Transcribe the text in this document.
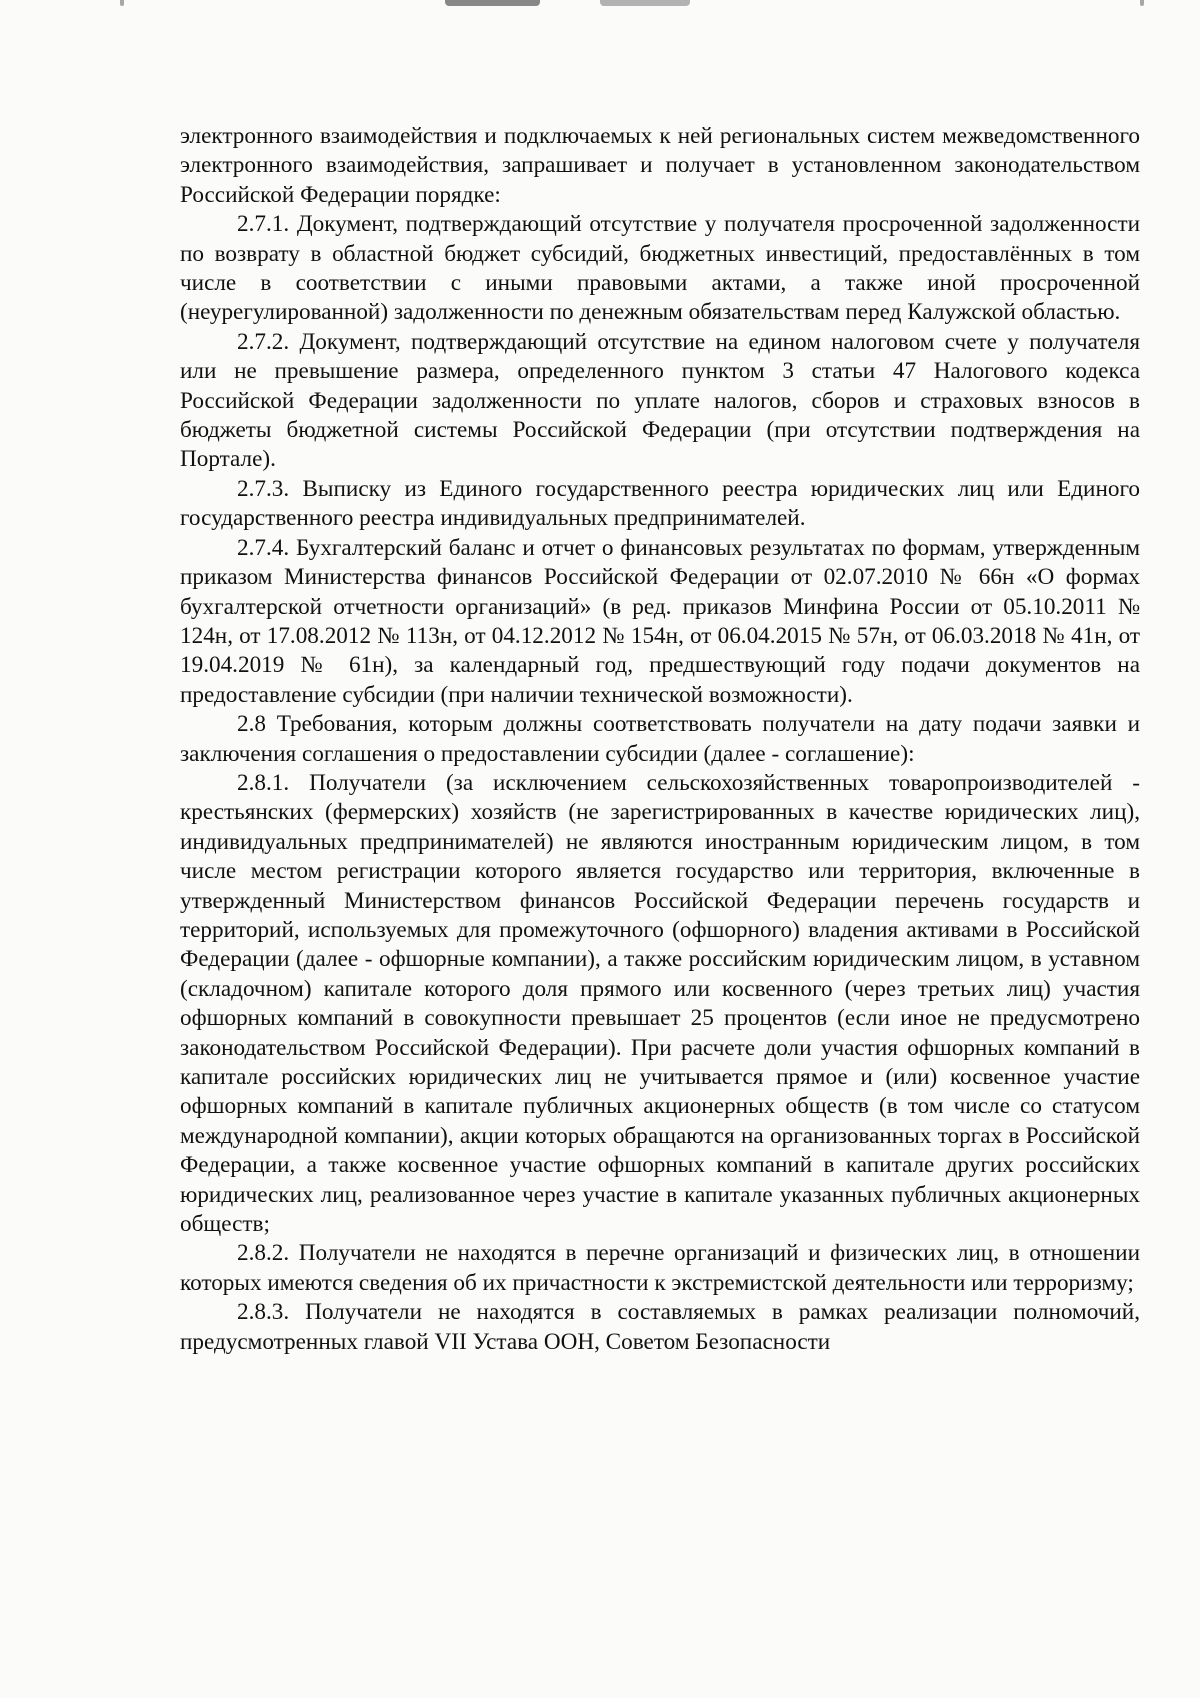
электронного взаимодействия и подключаемых к ней региональных систем межведомственного электронного взаимодействия, запрашивает и получает в установленном законодательством Российской Федерации порядке:

2.7.1. Документ, подтверждающий отсутствие у получателя просроченной задолженности по возврату в областной бюджет субсидий, бюджетных инвестиций, предоставлённых в том числе в соответствии с иными правовыми актами, а также иной просроченной (неурегулированной) задолженности по денежным обязательствам перед Калужской областью.

2.7.2. Документ, подтверждающий отсутствие на едином налоговом счете у получателя или не превышение размера, определенного пунктом 3 статьи 47 Налогового кодекса Российской Федерации задолженности по уплате налогов, сборов и страховых взносов в бюджеты бюджетной системы Российской Федерации (при отсутствии подтверждения на Портале).

2.7.3. Выписку из Единого государственного реестра юридических лиц или Единого государственного реестра индивидуальных предпринимателей.

2.7.4. Бухгалтерский баланс и отчет о финансовых результатах по формам, утвержденным приказом Министерства финансов Российской Федерации от 02.07.2010 № 66н «О формах бухгалтерской отчетности организаций» (в ред. приказов Минфина России от 05.10.2011 № 124н, от 17.08.2012 № 113н, от 04.12.2012 № 154н, от 06.04.2015 № 57н, от 06.03.2018 № 41н, от 19.04.2019 № 61н), за календарный год, предшествующий году подачи документов на предоставление субсидии (при наличии технической возможности).

2.8 Требования, которым должны соответствовать получатели на дату подачи заявки и заключения соглашения о предоставлении субсидии (далее - соглашение):

2.8.1. Получатели (за исключением сельскохозяйственных товаропроизводителей - крестьянских (фермерских) хозяйств (не зарегистрированных в качестве юридических лиц), индивидуальных предпринимателей) не являются иностранным юридическим лицом, в том числе местом регистрации которого является государство или территория, включенные в утвержденный Министерством финансов Российской Федерации перечень государств и территорий, используемых для промежуточного (офшорного) владения активами в Российской Федерации (далее - офшорные компании), а также российским юридическим лицом, в уставном (складочном) капитале которого доля прямого или косвенного (через третьих лиц) участия офшорных компаний в совокупности превышает 25 процентов (если иное не предусмотрено законодательством Российской Федерации). При расчете доли участия офшорных компаний в капитале российских юридических лиц не учитывается прямое и (или) косвенное участие офшорных компаний в капитале публичных акционерных обществ (в том числе со статусом международной компании), акции которых обращаются на организованных торгах в Российской Федерации, а также косвенное участие офшорных компаний в капитале других российских юридических лиц, реализованное через участие в капитале указанных публичных акционерных обществ;

2.8.2. Получатели не находятся в перечне организаций и физических лиц, в отношении которых имеются сведения об их причастности к экстремистской деятельности или терроризму;

2.8.3. Получатели не находятся в составляемых в рамках реализации полномочий, предусмотренных главой VII Устава ООН, Советом Безопасности
